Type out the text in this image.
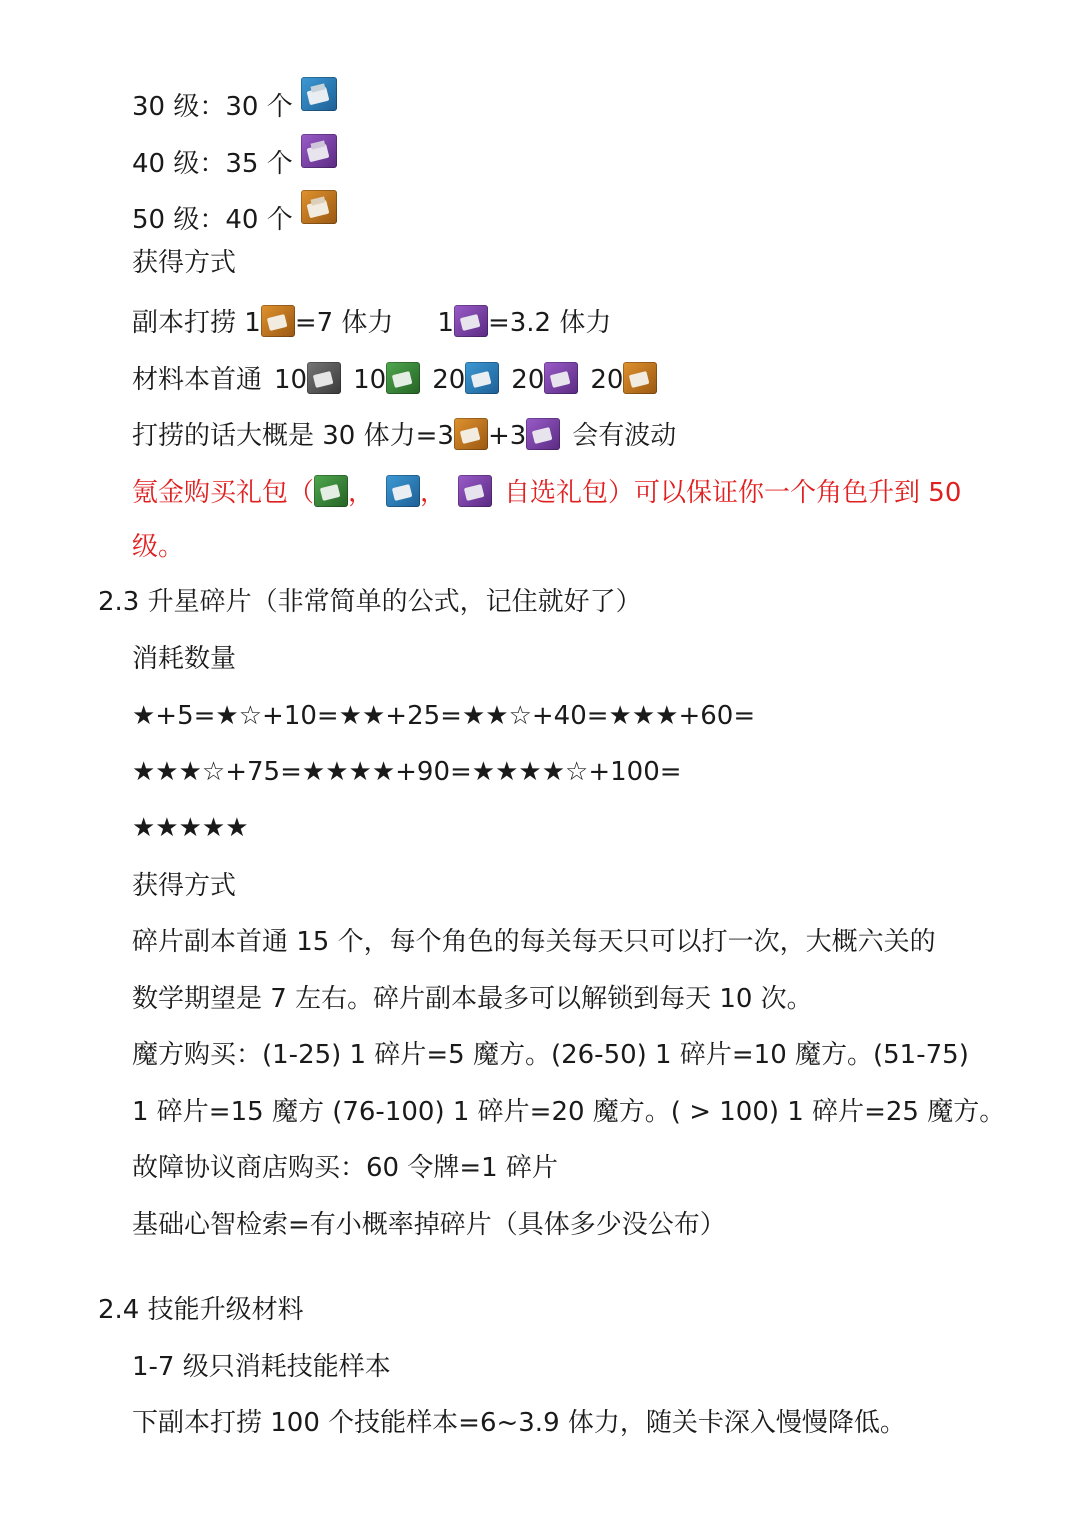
30 级：30 个
40 级：35 个
50 级：40 个
获得方式
副本打捞 1 =7 体力 1 =3.2 体力
材料本首通 10 10 20 20 20
打捞的话大概是 30 体力=3 +3 会有波动
氪金购买礼包（ ， ， 自选礼包）可以保证你一个角色升到 50
级。
2.3 升星碎片（非常简单的公式，记住就好了）
消耗数量
★+5=★☆+10=★★+25=★★☆+40=★★★+60=
★★★☆+75=★★★★+90=★★★★☆+100=
★★★★★
获得方式
碎片副本首通 15 个，每个角色的每关每天只可以打一次，大概六关的
数学期望是 7 左右。碎片副本最多可以解锁到每天 10 次。
魔方购买：(1-25) 1 碎片=5 魔方。(26-50) 1 碎片=10 魔方。(51-75)
1 碎片=15 魔方 (76-100) 1 碎片=20 魔方。( > 100) 1 碎片=25 魔方。
故障协议商店购买：60 令牌=1 碎片
基础心智检索=有小概率掉碎片（具体多少没公布）
2.4 技能升级材料
1-7 级只消耗技能样本
下副本打捞 100 个技能样本=6~3.9 体力，随关卡深入慢慢降低。
